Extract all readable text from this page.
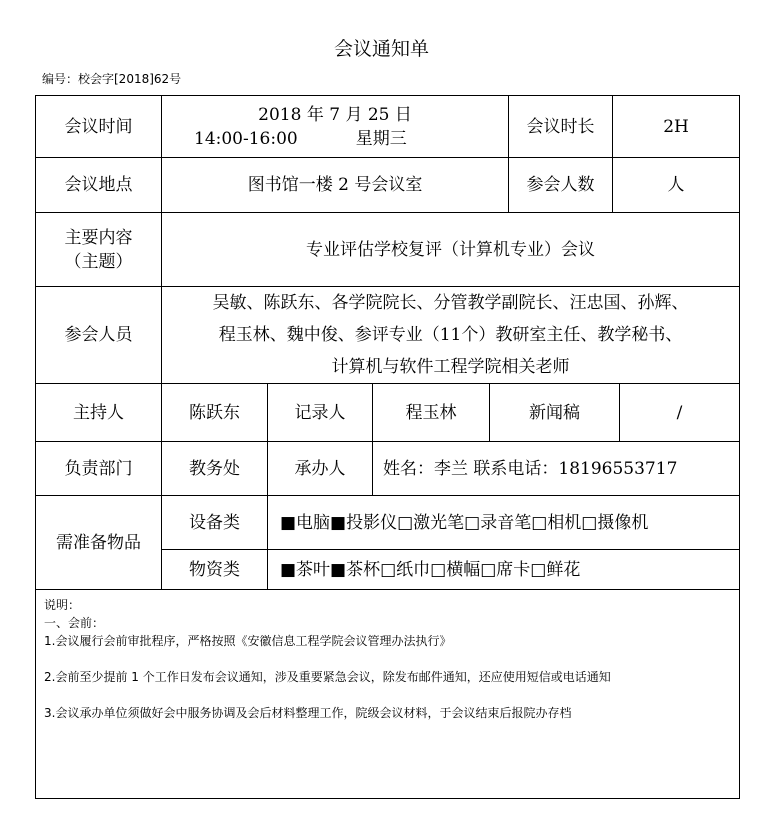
会议通知单
编号：校会字[2018]62号
会议时间	2018 年 7 月 25 日
14:00-16:00 星期三				会议时长	2H	
会议地点	图书馆一楼 2 号会议室				参会人数	人	

主要内容
（主题）	专业评估学校复评（计算机专业）会议						
参会人员	吴敏、陈跃东、各学院院长、分管教学副院长、汪忠国、孙辉、
程玉林、魏中俊、参评专业（11个）教研室主任、教学秘书、
计算机与软件工程学院相关老师						

主持人	陈跃东	记录人	程玉林	新闻稿			/
负责部门	教务处	承办人	姓名：李兰 联系电话：18196553717				
需准备物品	设备类	■电脑■投影仪□激光笔□录音笔□相机□摄像机					
	物资类	■茶叶■茶杯□纸巾□横幅□席卡□鲜花					

说明：

一、会前：

1.会议履行会前审批程序，严格按照《安徽信息工程学院会议管理办法执行》

2.会前至少提前 1 个工作日发布会议通知，涉及重要紧急会议，除发布邮件通知，还应使用短信或电话通知

3.会议承办单位须做好会中服务协调及会后材料整理工作，院级会议材料，于会议结束后报院办存档							
